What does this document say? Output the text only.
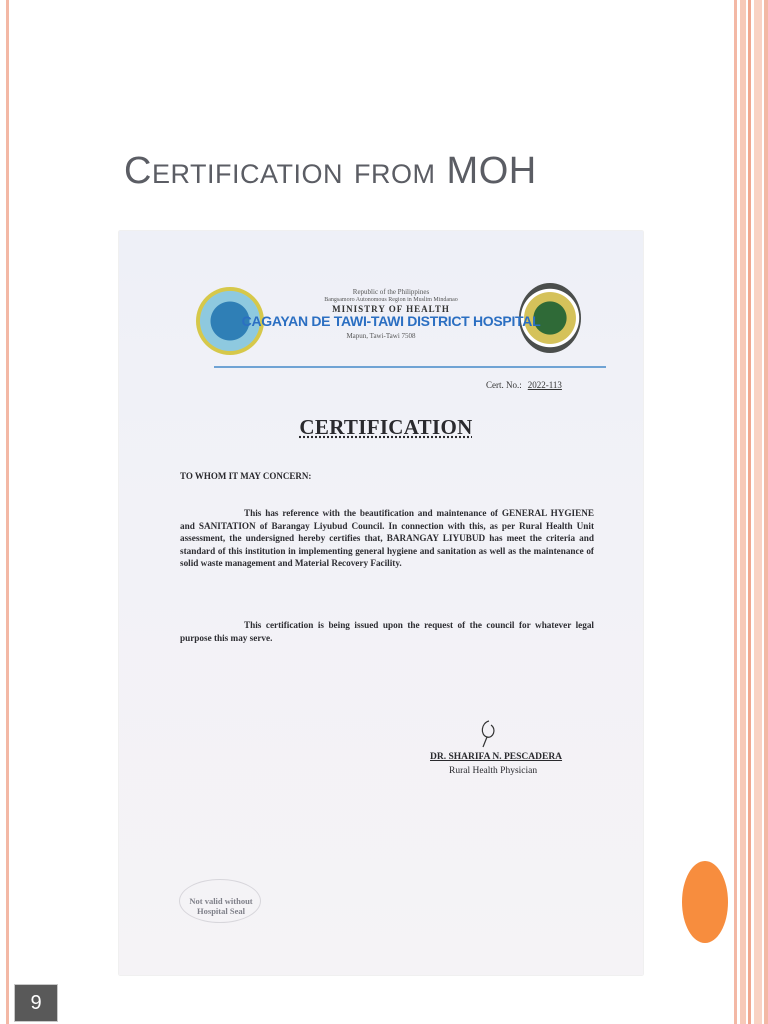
Certification from MOH
Republic of the Philippines
Bangsamoro Autonomous Region in Muslim Mindanao
MINISTRY OF HEALTH
CAGAYAN DE TAWI-TAWI DISTRICT HOSPITAL
Mapun, Tawi-Tawi 7508
Cert. No.: 2022-113
CERTIFICATION
TO WHOM IT MAY CONCERN:

This has reference with the beautification and maintenance of GENERAL HYGIENE and SANITATION of Barangay Liyubud Council. In connection with this, as per Rural Health Unit assessment, the undersigned hereby certifies that, BARANGAY LIYUBUD has meet the criteria and standard of this institution in implementing general hygiene and sanitation as well as the maintenance of solid waste management and Material Recovery Facility.

This certification is being issued upon the request of the council for whatever legal purpose this may serve.

DR. SHARIFA N. PESCADERA
Rural Health Physician
Not valid without
Hospital Seal
9
